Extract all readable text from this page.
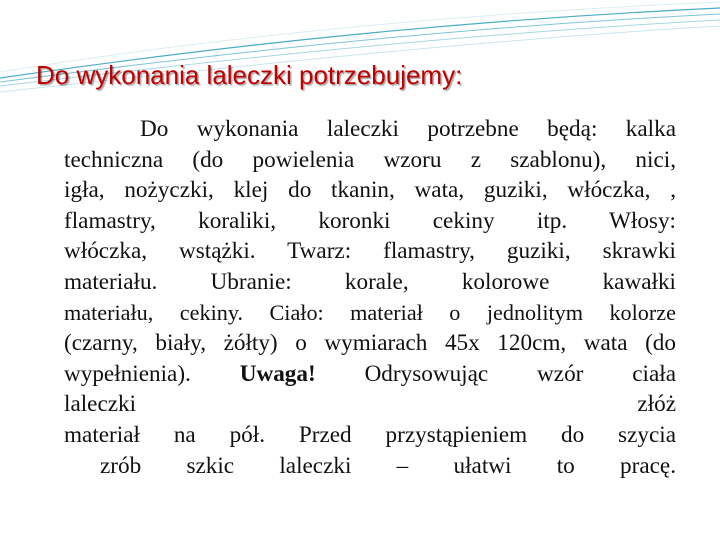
Do wykonania laleczki potrzebujemy:
Do wykonania laleczki potrzebne będą: kalka
techniczna (do powielenia wzoru z szablonu), nici,
igła, nożyczki, klej do tkanin, wata, guziki, włóczka, ,
flamastry, koraliki, koronki cekiny itp. Włosy:
włóczka, wstążki. Twarz: flamastry, guziki, skrawki
materiału. Ubranie: korale, kolorowe kawałki
materiału, cekiny. Ciało: materiał o jednolitym kolorze
(czarny, biały, żółty) o wymiarach 45x 120cm, wata (do
wypełnienia). Uwaga! Odrysowując wzór ciała
laleczki złóż
materiał na pół. Przed przystąpieniem do szycia
zrób szkic laleczki – ułatwi to pracę.
